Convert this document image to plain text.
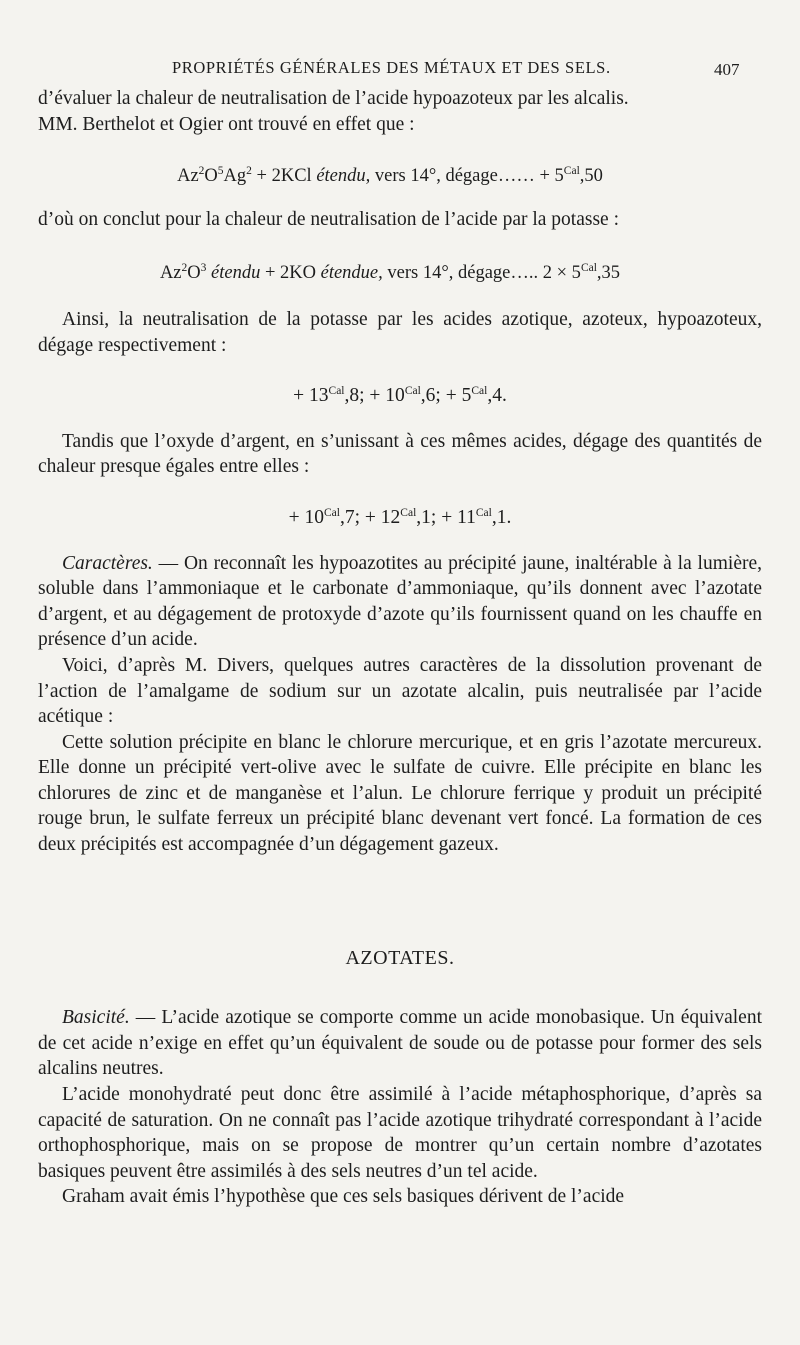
PROPRIÉTÉS GÉNÉRALES DES MÉTAUX ET DES SELS.	407

d’évaluer la chaleur de neutralisation de l’acide hypoazoteux par les alcalis.
MM. Berthelot et Ogier ont trouvé en effet que :

$Az^2O^5Ag^2 + 2KCl$ étendu, vers 14°, dégage…… + $5^{Cal},50$

d’où on conclut pour la chaleur de neutralisation de l’acide par la potasse :

$Az^2O^3$ étendu + 2KO étendue, vers 14°, dégage….. $2 \times 5^{Cal},35$

Ainsi, la neutralisation de la potasse par les acides azotique, azoteux, hypoazoteux, dégage respectivement :

+ $13^{Cal},8$; + $10^{Cal},6$; + $5^{Cal},4$.

Tandis que l’oxyde d’argent, en s’unissant à ces mêmes acides, dégage des quantités de chaleur presque égales entre elles :

+ $10^{Cal},7$; + $12^{Cal},1$; + $11^{Cal},1$.

Caractères. — On reconnaît les hypoazotites au précipité jaune, inaltérable à la lumière, soluble dans l’ammoniaque et le carbonate d’ammoniaque, qu’ils donnent avec l’azotate d’argent, et au dégagement de protoxyde d’azote qu’ils fournissent quand on les chauffe en présence d’un acide.

Voici, d’après M. Divers, quelques autres caractères de la dissolution provenant de l’action de l’amalgame de sodium sur un azotate alcalin, puis neutralisée par l’acide acétique :

Cette solution précipite en blanc le chlorure mercurique, et en gris l’azotate mercureux. Elle donne un précipité vert-olive avec le sulfate de cuivre. Elle précipite en blanc les chlorures de zinc et de manganèse et l’alun. Le chlorure ferrique y produit un précipité rouge brun, le sulfate ferreux un précipité blanc devenant vert foncé. La formation de ces deux précipités est accompagnée d’un dégagement gazeux.

AZOTATES.

Basicité. — L’acide azotique se comporte comme un acide monobasique. Un équivalent de cet acide n’exige en effet qu’un équivalent de soude ou de potasse pour former des sels alcalins neutres.

L’acide monohydraté peut donc être assimilé à l’acide métaphosphorique, d’après sa capacité de saturation. On ne connaît pas l’acide azotique trihydraté correspondant à l’acide orthophosphorique, mais on se propose de montrer qu’un certain nombre d’azotates basiques peuvent être assimilés à des sels neutres d’un tel acide.

Graham avait émis l’hypothèse que ces sels basiques dérivent de l’acide
